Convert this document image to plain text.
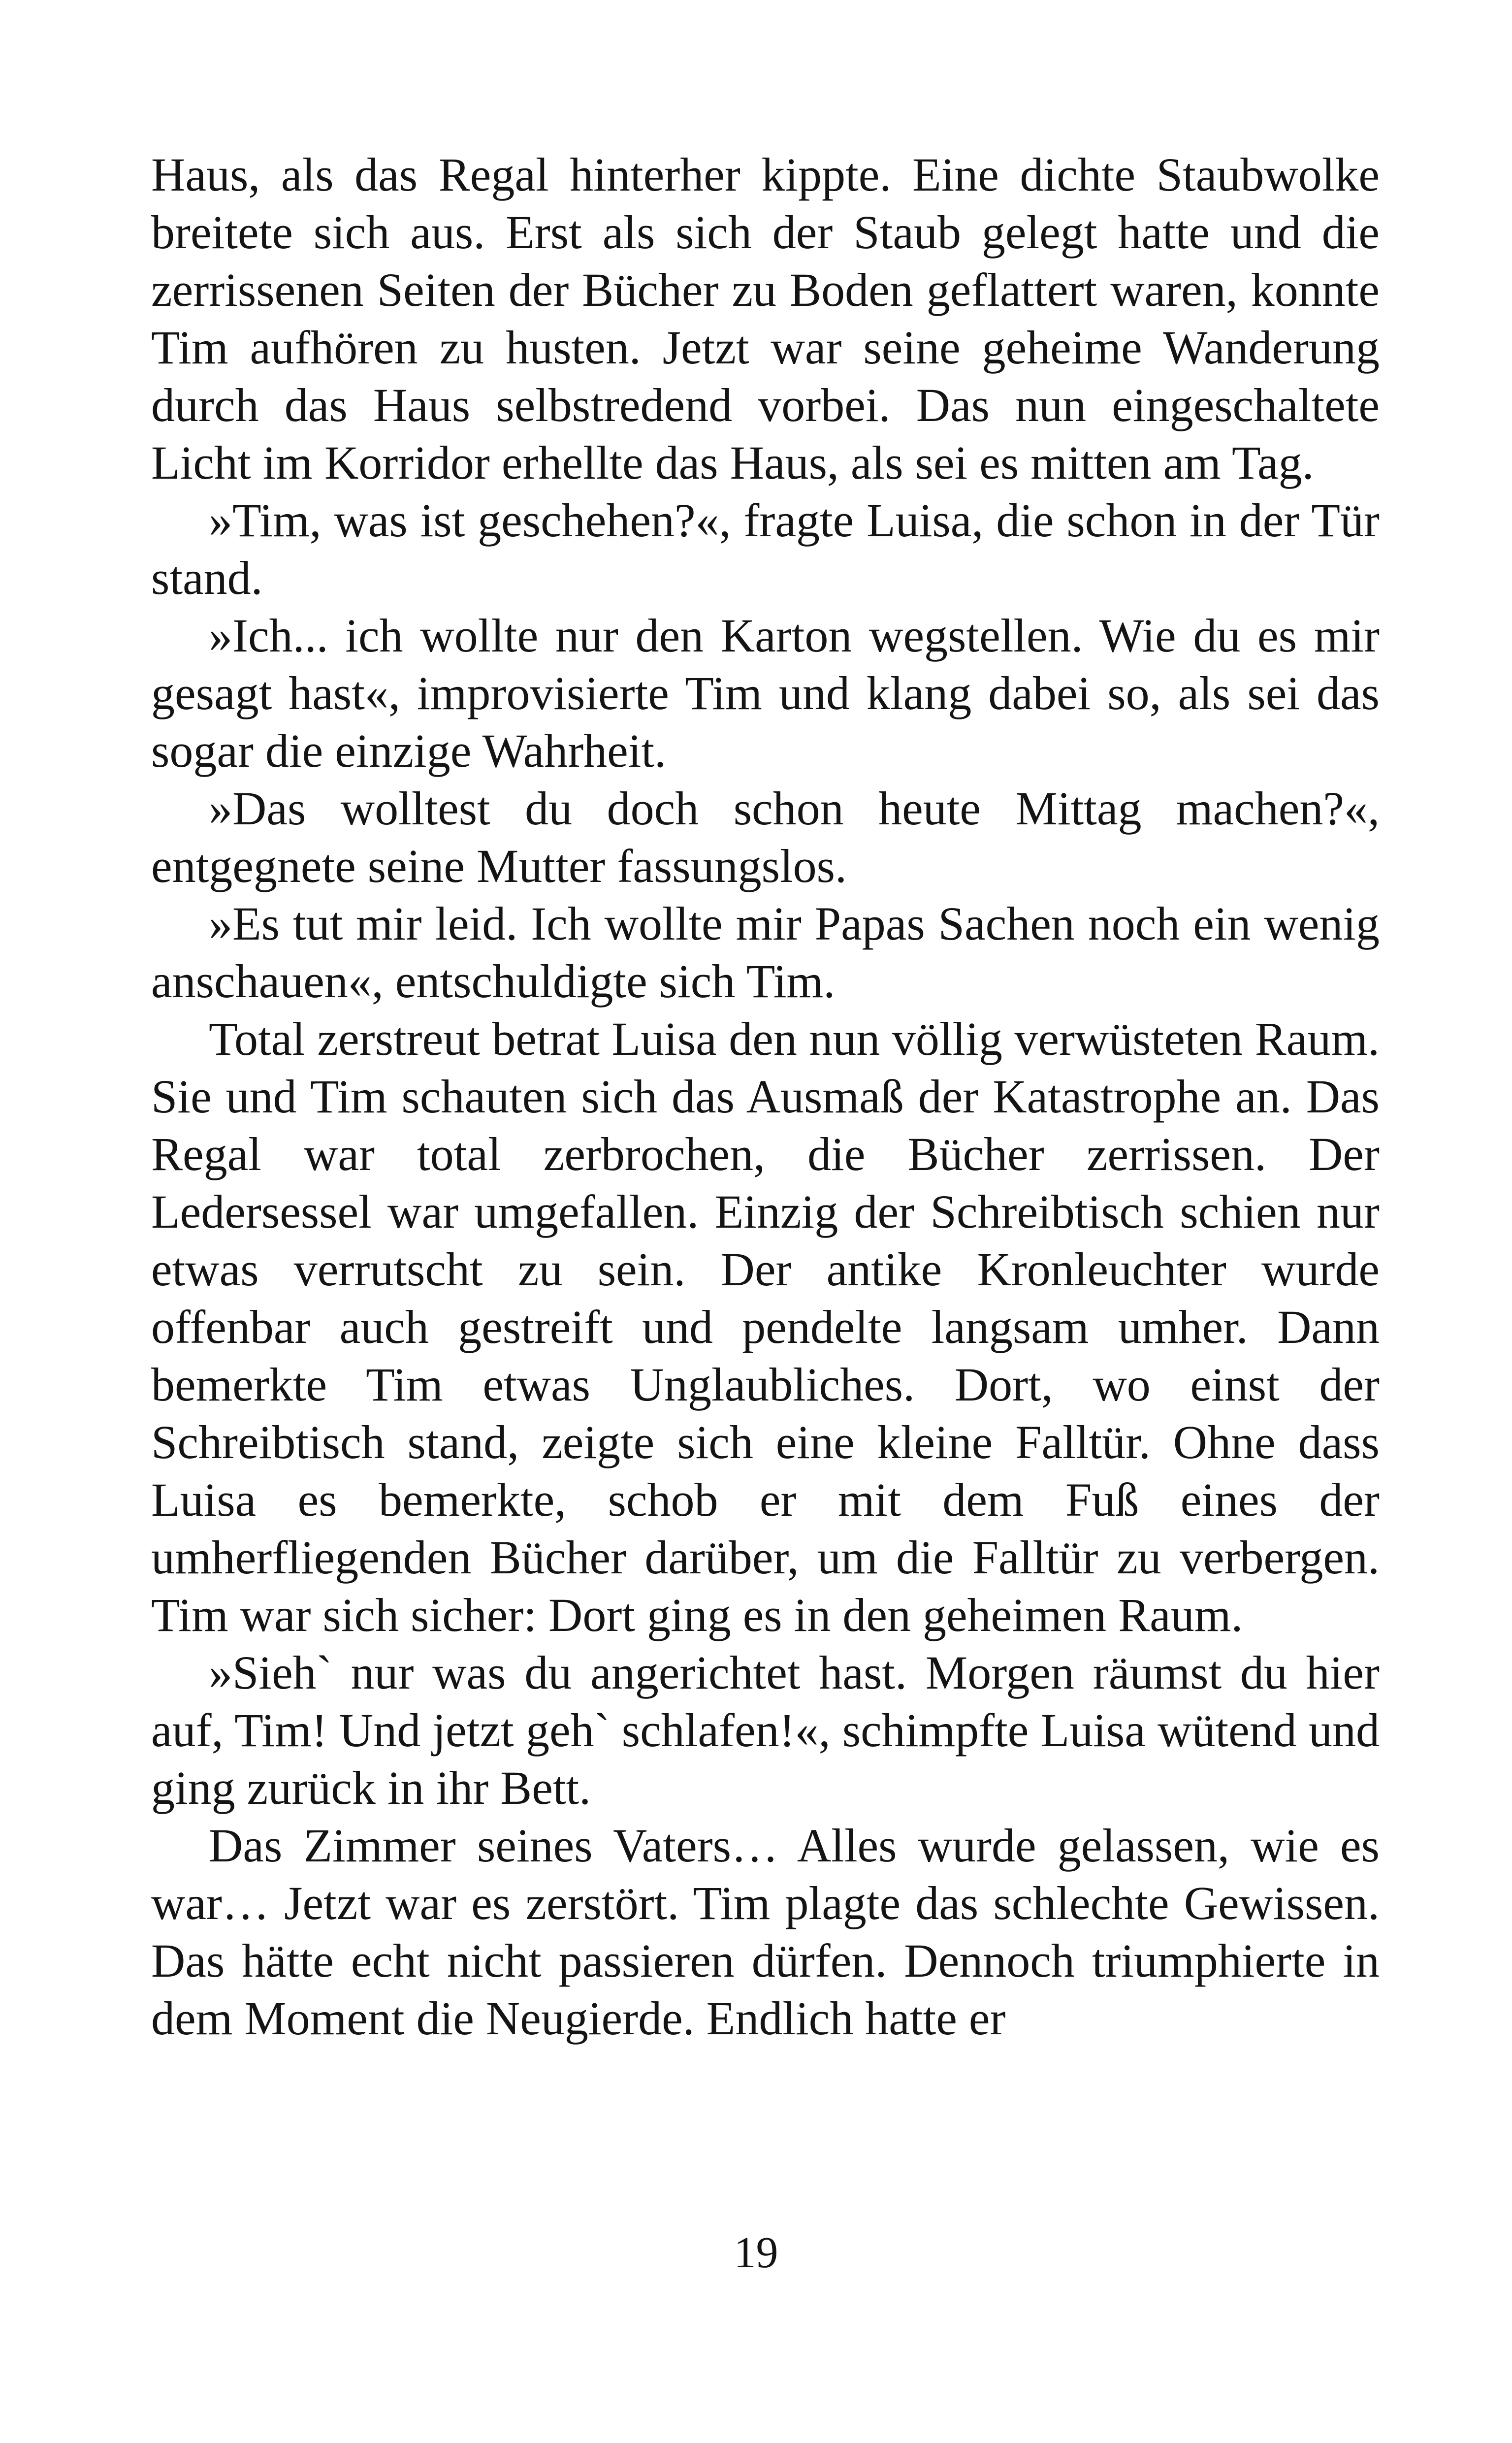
Haus, als das Regal hinterher kippte. Eine dichte Staubwolke breitete sich aus. Erst als sich der Staub gelegt hatte und die zerrissenen Seiten der Bücher zu Boden geflattert waren, konnte Tim aufhören zu husten. Jetzt war seine geheime Wanderung durch das Haus selbstredend vorbei. Das nun eingeschaltete Licht im Korridor erhellte das Haus, als sei es mitten am Tag.

»Tim, was ist geschehen?«, fragte Luisa, die schon in der Tür stand.

»Ich... ich wollte nur den Karton wegstellen. Wie du es mir gesagt hast«, improvisierte Tim und klang dabei so, als sei das sogar die einzige Wahrheit.

»Das wolltest du doch schon heute Mittag machen?«, entgegnete seine Mutter fassungslos.

»Es tut mir leid. Ich wollte mir Papas Sachen noch ein wenig anschauen«, entschuldigte sich Tim.

Total zerstreut betrat Luisa den nun völlig verwüsteten Raum. Sie und Tim schauten sich das Ausmaß der Katastrophe an. Das Regal war total zerbrochen, die Bücher zerrissen. Der Ledersessel war umgefallen. Einzig der Schreibtisch schien nur etwas verrutscht zu sein. Der antike Kronleuchter wurde offenbar auch gestreift und pendelte langsam umher. Dann bemerkte Tim etwas Unglaubliches. Dort, wo einst der Schreibtisch stand, zeigte sich eine kleine Falltür. Ohne dass Luisa es bemerkte, schob er mit dem Fuß eines der umherfliegenden Bücher darüber, um die Falltür zu verbergen. Tim war sich sicher: Dort ging es in den geheimen Raum.

»Sieh` nur was du angerichtet hast. Morgen räumst du hier auf, Tim! Und jetzt geh` schlafen!«, schimpfte Luisa wütend und ging zurück in ihr Bett.

Das Zimmer seines Vaters… Alles wurde gelassen, wie es war… Jetzt war es zerstört. Tim plagte das schlechte Gewissen. Das hätte echt nicht passieren dürfen. Dennoch triumphierte in dem Moment die Neugierde. Endlich hatte er

19
